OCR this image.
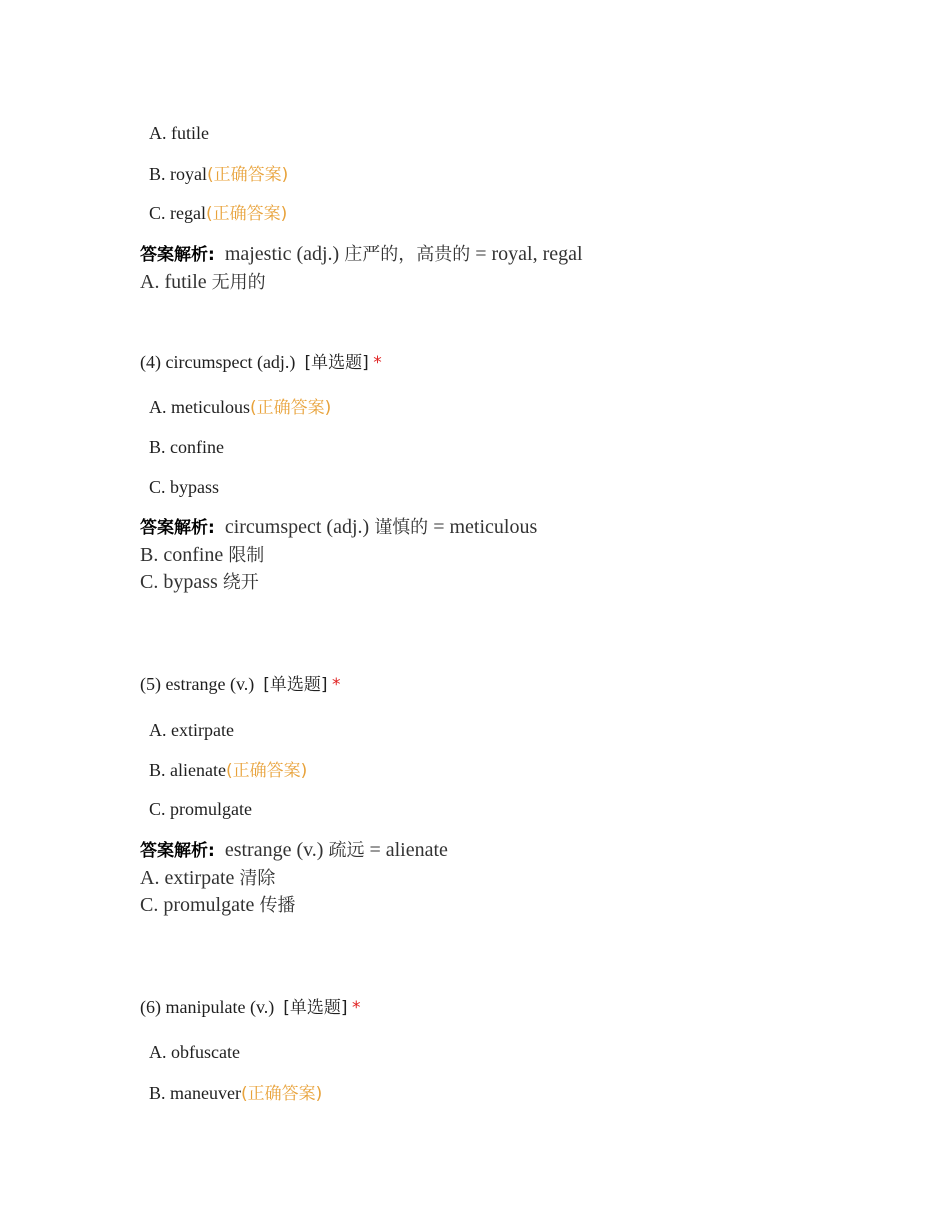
A. futile
B. royal(正确答案)
C. regal(正确答案)
答案解析: majestic (adj.) 庄严的，高贵的 = royal, regal
A. futile 无用的
(4) circumspect (adj.) [单选题] *
A. meticulous(正确答案)
B. confine
C. bypass
答案解析: circumspect (adj.) 谨慎的 = meticulous
B. confine 限制
C. bypass 绕开
(5) estrange (v.) [单选题] *
A. extirpate
B. alienate(正确答案)
C. promulgate
答案解析: estrange (v.) 疏远 = alienate
A. extirpate 清除
C. promulgate 传播
(6) manipulate (v.) [单选题] *
A. obfuscate
B. maneuver(正确答案)
